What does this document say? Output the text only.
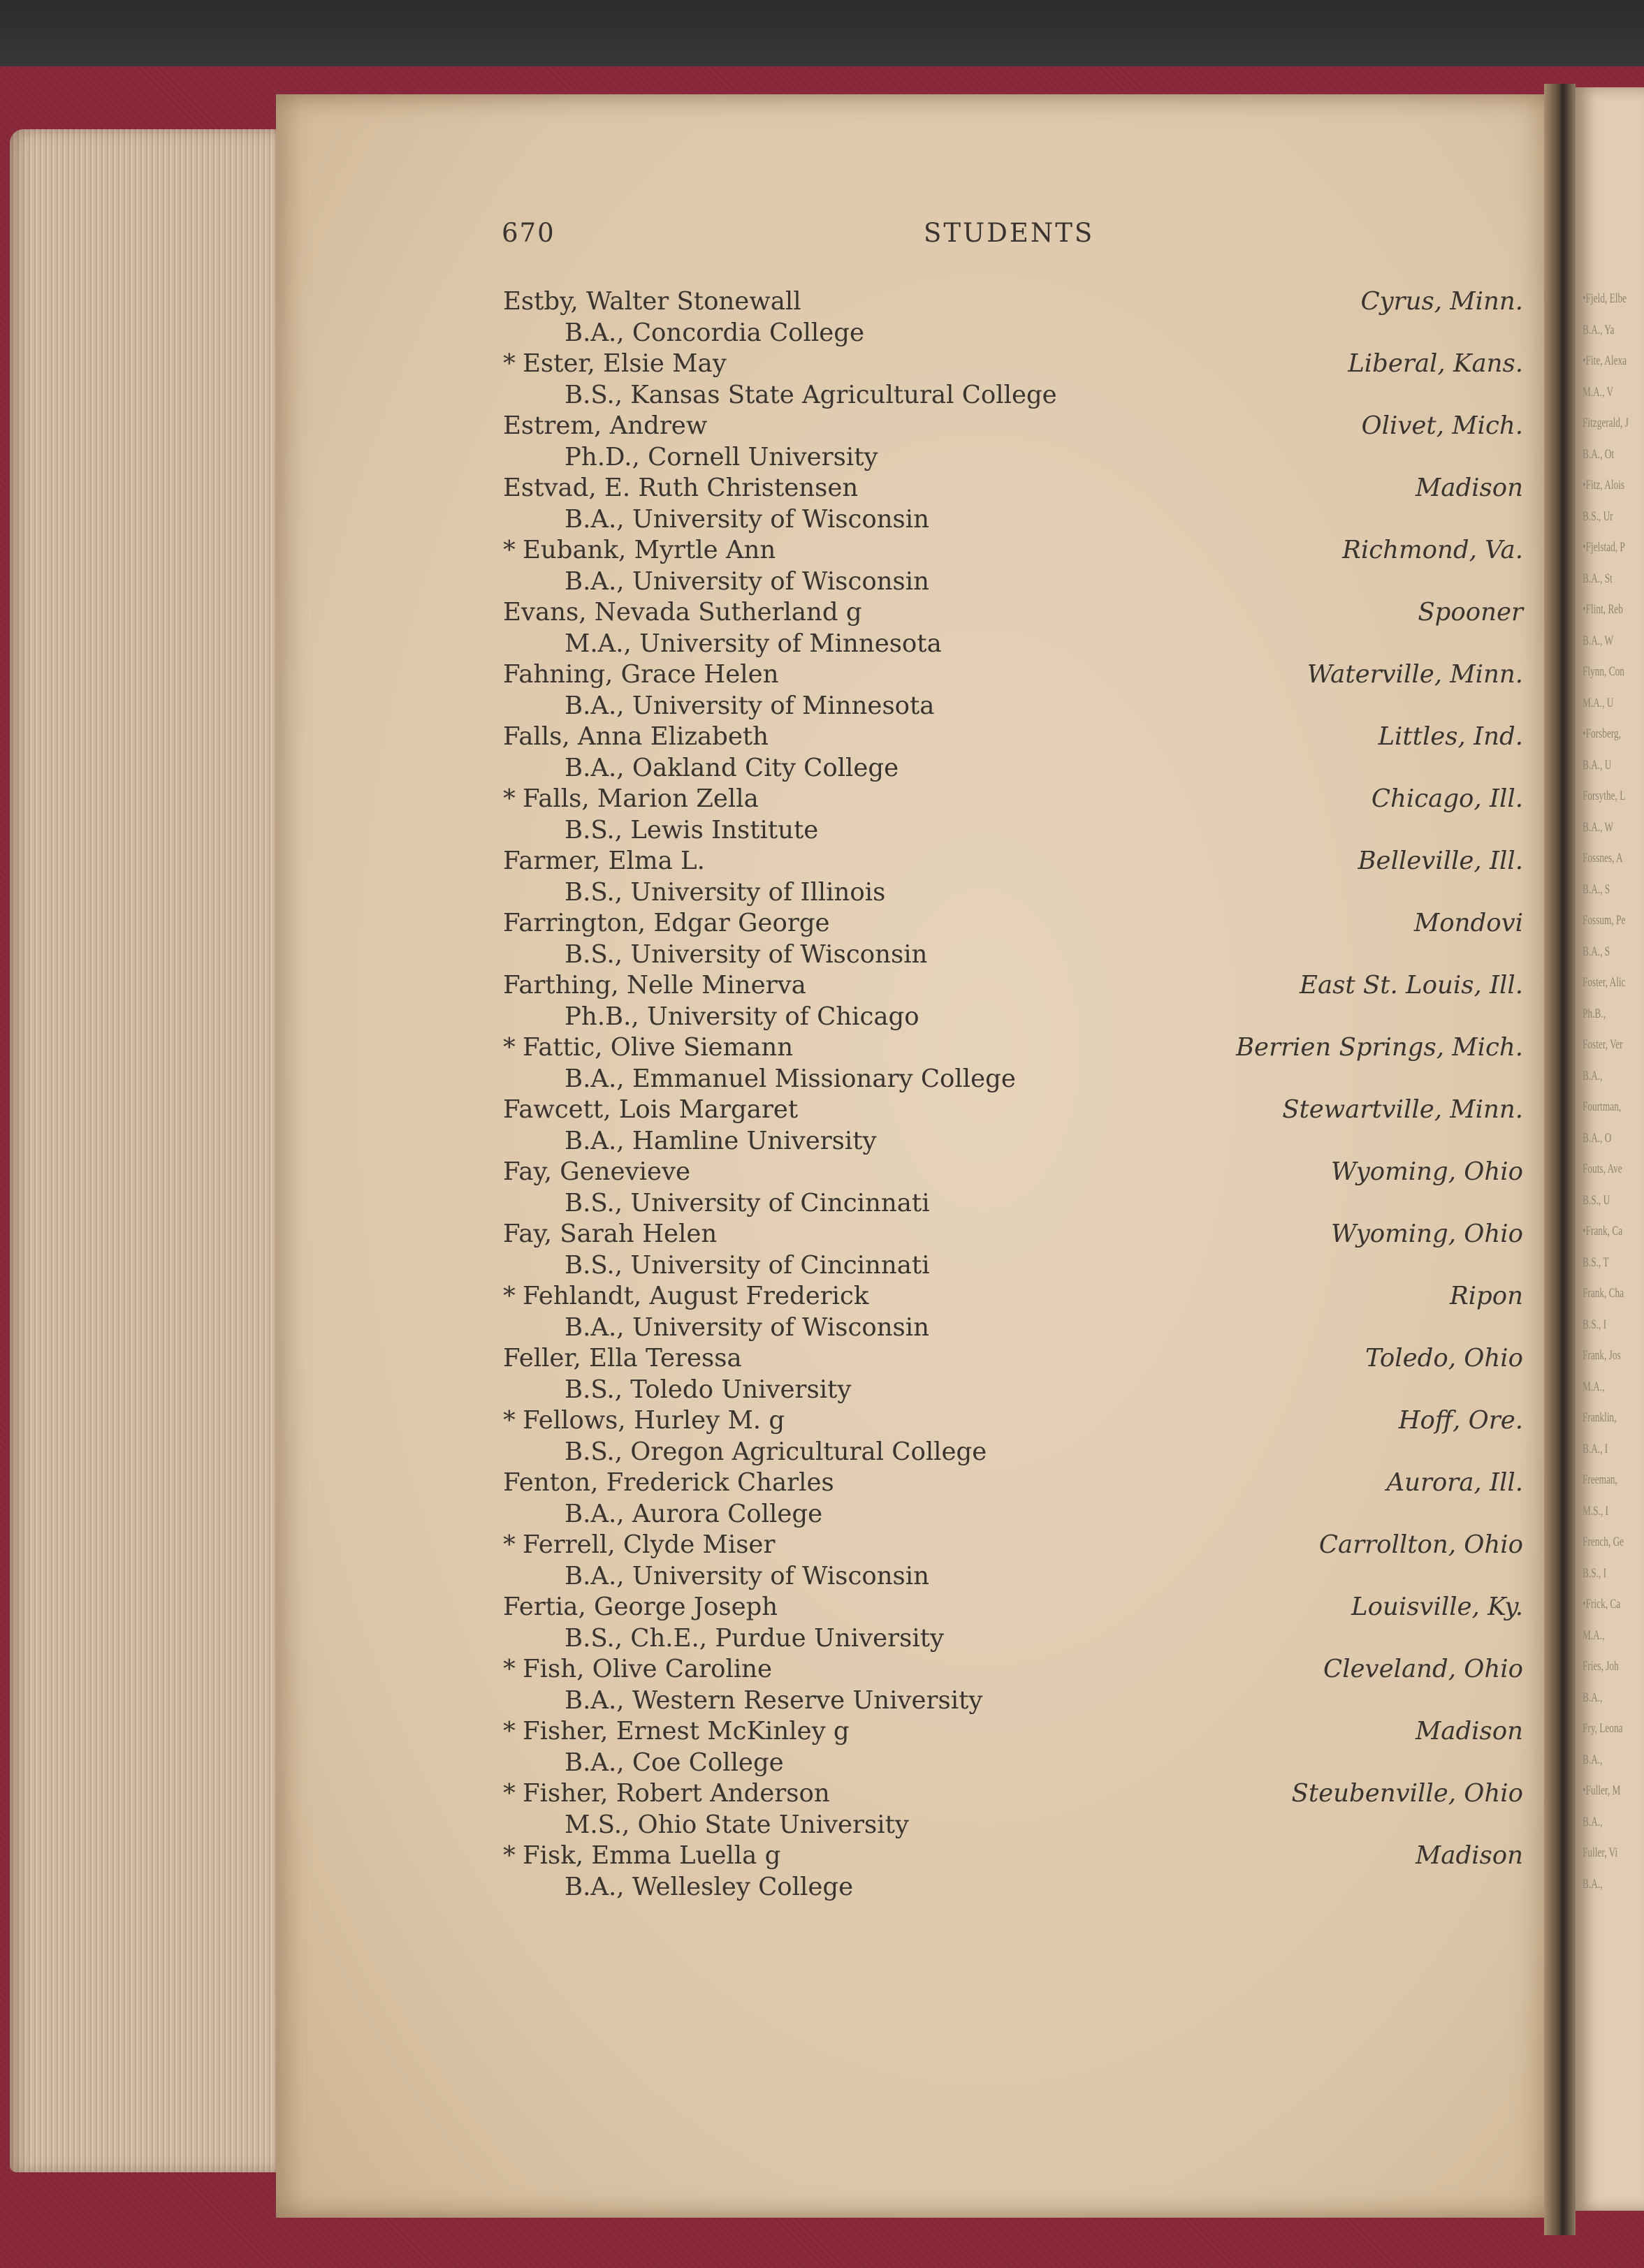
•Fjeld, Elbe
B.A., Ya
•Fite, Alexa
M.A., V
Fitzgerald, J
B.A., Ot
•Fitz, Alois
B.S., Ur
•Fjelstad, P
B.A., St
•Flint, Reb
B.A., W
Flynn, Con
M.A., U
•Forsberg,
B.A., U
Forsythe, L
B.A., W
Fossnes, A
B.A., S
Fossum, Pe
B.A., S
Foster, Alic
Ph.B.,
Foster, Ver
B.A.,
Fourtman,
B.A., O
Fouts, Ave
B.S., U
•Frank, Ca
B.S., T
Frank, Cha
B.S., I
Frank, Jos
M.A.,
Franklin,
B.A., I
Freeman,
M.S., I
French, Ge
B.S., I
•Frick, Ca
M.A.,
Fries, Joh
B.A.,
Fry, Leona
B.A.,
•Fuller, M
B.A.,
Fuller, Vi
B.A.,
670	STUDENTS
Estby, Walter Stonewall	Cyrus, Minn.
B.A., Concordia College
* Ester, Elsie May	Liberal, Kans.
B.S., Kansas State Agricultural College
Estrem, Andrew	Olivet, Mich.
Ph.D., Cornell University
Estvad, E. Ruth Christensen	Madison
B.A., University of Wisconsin
* Eubank, Myrtle Ann	Richmond, Va.
B.A., University of Wisconsin
Evans, Nevada Sutherland g	Spooner
M.A., University of Minnesota
Fahning, Grace Helen	Waterville, Minn.
B.A., University of Minnesota
Falls, Anna Elizabeth	Littles, Ind.
B.A., Oakland City College
* Falls, Marion Zella	Chicago, Ill.
B.S., Lewis Institute
Farmer, Elma L.	Belleville, Ill.
B.S., University of Illinois
Farrington, Edgar George	Mondovi
B.S., University of Wisconsin
Farthing, Nelle Minerva	East St. Louis, Ill.
Ph.B., University of Chicago
* Fattic, Olive Siemann	Berrien Springs, Mich.
B.A., Emmanuel Missionary College
Fawcett, Lois Margaret	Stewartville, Minn.
B.A., Hamline University
Fay, Genevieve	Wyoming, Ohio
B.S., University of Cincinnati
Fay, Sarah Helen	Wyoming, Ohio
B.S., University of Cincinnati
* Fehlandt, August Frederick	Ripon
B.A., University of Wisconsin
Feller, Ella Teressa	Toledo, Ohio
B.S., Toledo University
* Fellows, Hurley M. g	Hoff, Ore.
B.S., Oregon Agricultural College
Fenton, Frederick Charles	Aurora, Ill.
B.A., Aurora College
* Ferrell, Clyde Miser	Carrollton, Ohio
B.A., University of Wisconsin
Fertia, George Joseph	Louisville, Ky.
B.S., Ch.E., Purdue University
* Fish, Olive Caroline	Cleveland, Ohio
B.A., Western Reserve University
* Fisher, Ernest McKinley g	Madison
B.A., Coe College
* Fisher, Robert Anderson	Steubenville, Ohio
M.S., Ohio State University
* Fisk, Emma Luella g	Madison
B.A., Wellesley College
